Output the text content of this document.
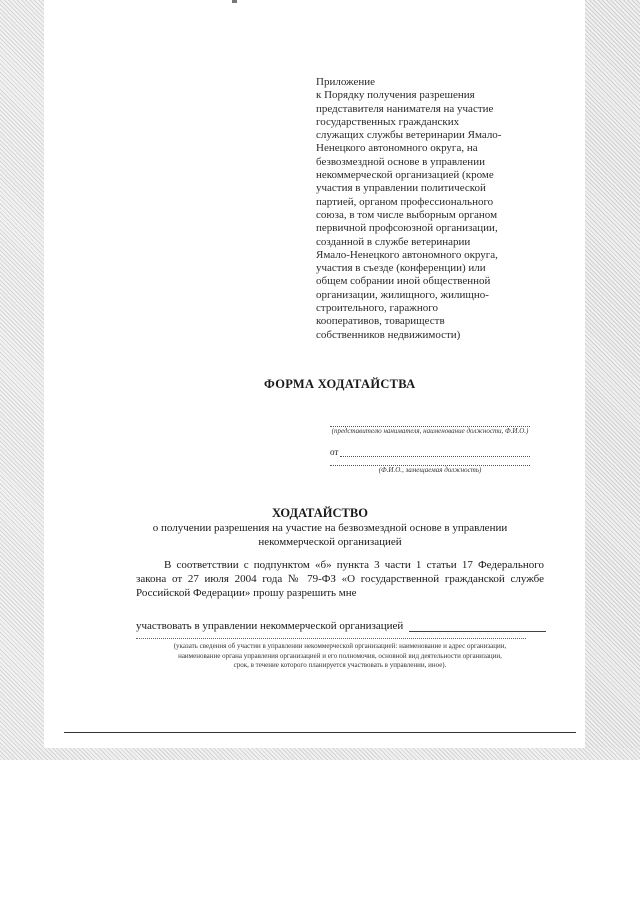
Приложение
к Порядку получения разрешения
представителя нанимателя на участие
государственных гражданских
служащих службы ветеринарии Ямало-
Ненецкого автономного округа, на
безвозмездной основе в управлении
некоммерческой организацией (кроме
участия в управлении политической
партией, органом профессионального
союза, в том числе выборным органом
первичной профсоюзной организации,
созданной в службе ветеринарии
Ямало-Ненецкого автономного округа,
участия в съезде (конференции) или
общем собрании иной общественной
организации, жилищного, жилищно-
строительного, гаражного
кооперативов, товариществ
собственников недвижимости)
ФОРМА ХОДАТАЙСТВА
(представителю нанимателя, наименование должности, Ф.И.О.)
от
(Ф.И.О., замещаемая должность)
ХОДАТАЙСТВО
о получении разрешения на участие на безвозмездной основе в управлении некоммерческой организацией
В соответствии с подпунктом «б» пункта 3 части 1 статьи 17 Федерального закона от 27 июля 2004 года № 79-ФЗ «О государственной гражданской службе Российской Федерации» прошу разрешить мне
участвовать в управлении некоммерческой организацией
(указать сведения об участии в управлении некоммерческой организацией: наименование и адрес организации, наименование органа управления организацией и его полномочия, основной вид деятельности организации, срок, в течение которого планируется участвовать в управлении, иное).
